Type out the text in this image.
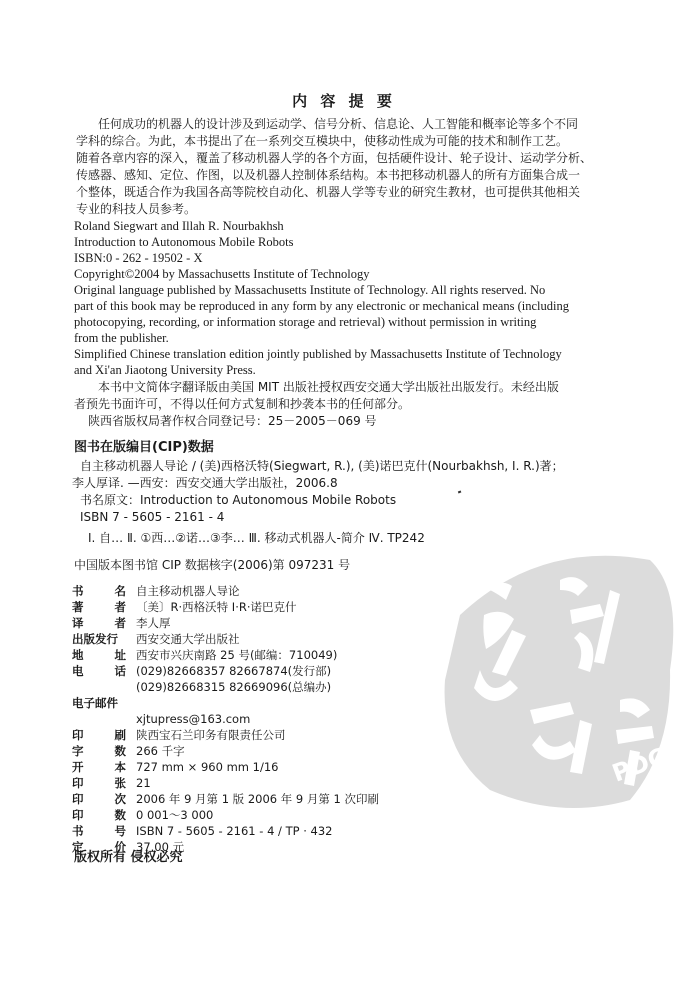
PDG
内 容 提 要

任何成功的机器人的设计涉及到运动学、信号分析、信息论、人工智能和概率论等多个不同

学科的综合。为此，本书提出了在一系列交互模块中，使移动性成为可能的技术和制作工艺。

随着各章内容的深入，覆盖了移动机器人学的各个方面，包括硬件设计、轮子设计、运动学分析、

传感器、感知、定位、作图，以及机器人控制体系结构。本书把移动机器人的所有方面集合成一

个整体，既适合作为我国各高等院校自动化、机器人学等专业的研究生教材，也可提供其他相关

专业的科技人员参考。

Roland Siegwart and Illah R. Nourbakhsh
Introduction to Autonomous Mobile Robots
ISBN:0 - 262 - 19502 - X
Copyright©2004 by Massachusetts Institute of Technology
Original language published by Massachusetts Institute of Technology. All rights reserved. No
part of this book may be reproduced in any form by any electronic or mechanical means (including
photocopying, recording, or information storage and retrieval) without permission in writing
from the publisher.
Simplified Chinese translation edition jointly published by Massachusetts Institute of Technology
and Xi'an Jiaotong University Press.
本书中文简体字翻译版由美国 MIT 出版社授权西安交通大学出版社出版发行。未经出版
者预先书面许可，不得以任何方式复制和抄袭本书的任何部分。
陕西省版权局著作权合同登记号：25－2005－069 号
图书在版编目(CIP)数据
自主移动机器人导论 / (美)西格沃特(Siegwart, R.), (美)诺巴克什(Nourbakhsh, I. R.)著；
李人厚译. —西安：西安交通大学出版社，2006.8
书名原文：Introduction to Autonomous Mobile Robots
ISBN 7 - 5605 - 2161 - 4
Ⅰ. 自… Ⅱ. ①西…②诺…③李… Ⅲ. 移动式机器人-简介 Ⅳ. TP242
中国版本图书馆 CIP 数据核字(2006)第 097231 号
书	名 自主移动机器人导论
著	者 〔美〕R·西格沃特 I·R·诺巴克什
译	者 李人厚
出版发行	西安交通大学出版社
地	址 西安市兴庆南路 25 号(邮编：710049)
电	话 (029)82668357 82667874(发行部)
(029)82668315 82669096(总编办)
电子邮件
xjtupress@163.com
印	刷 陕西宝石兰印务有限责任公司
字	数 266 千字
开	本 727 mm × 960 mm 1/16
印	张 21
印	次 2006 年 9 月第 1 版 2006 年 9 月第 1 次印刷
印	数 0 001～3 000
书	号 ISBN 7 - 5605 - 2161 - 4 / TP · 432
定	价 37.00 元
版权所有 侵权必究
